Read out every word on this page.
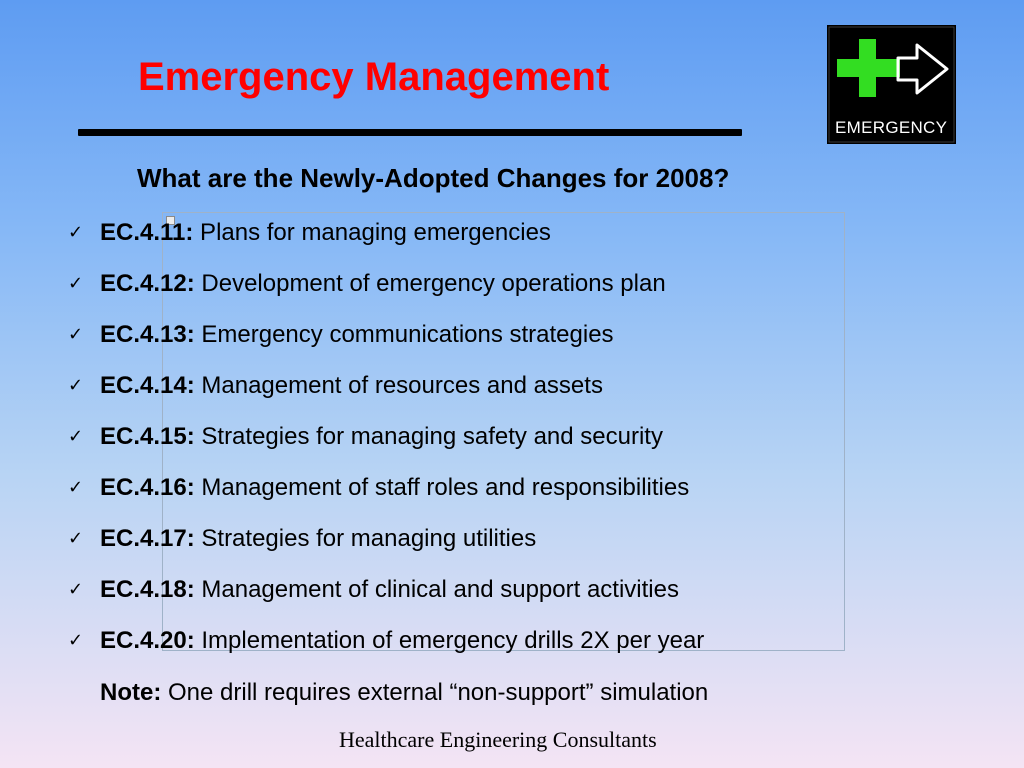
Emergency Management
EMERGENCY
What are the Newly-Adopted Changes for 2008?
✓ EC.4.11: Plans for managing emergencies
✓ EC.4.12: Development of emergency operations plan
✓ EC.4.13: Emergency communications strategies
✓ EC.4.14: Management of resources and assets
✓ EC.4.15: Strategies for managing safety and security
✓ EC.4.16: Management of staff roles and responsibilities
✓ EC.4.17: Strategies for managing utilities
✓ EC.4.18: Management of clinical and support activities
✓ EC.4.20: Implementation of emergency drills 2X per year
Note: One drill requires external “non-support” simulation

Healthcare Engineering Consultants
